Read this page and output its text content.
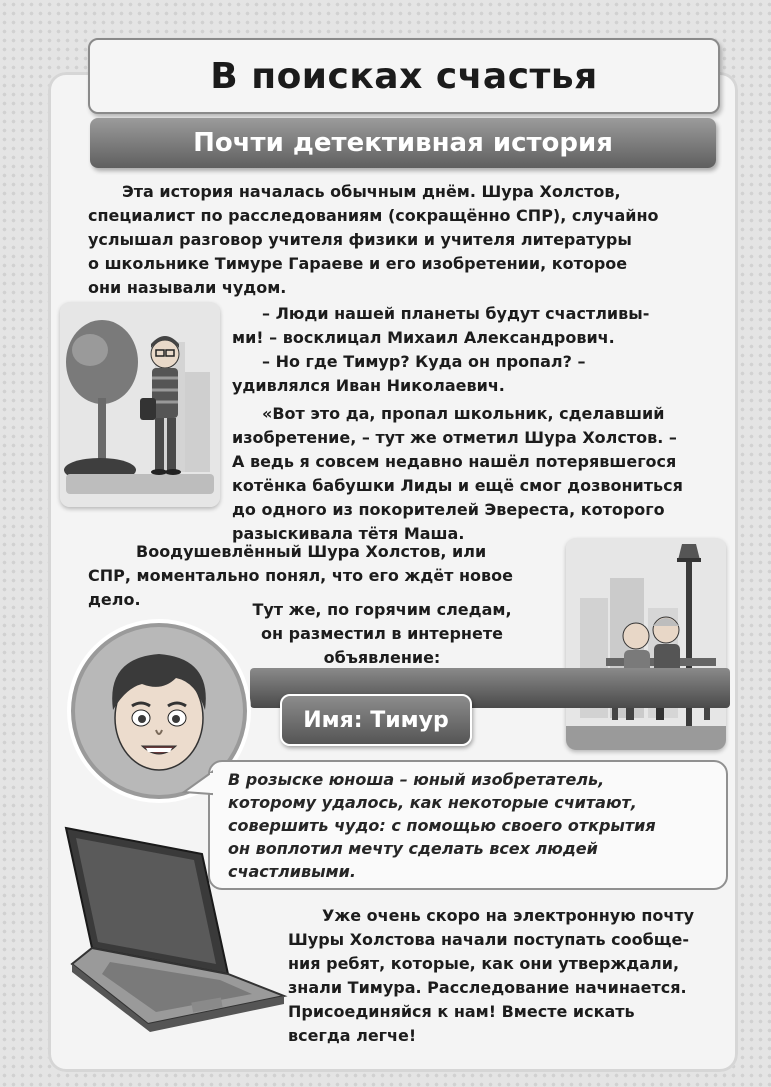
В поисках счастья
Почти детективная история
Эта история началась обычным днём. Шура Холстов,
специалист по расследованиям (сокращённо СПР), случайно
услышал разговор учителя физики и учителя литературы
о школьнике Тимуре Гараеве и его изобретении, которое
они называли чудом.
– Люди нашей планеты будут счастливы-
ми! – восклицал Михаил Александрович.
– Но где Тимур? Куда он пропал? –
удивлялся Иван Николаевич.
«Вот это да, пропал школьник, сделавший
изобретение, – тут же отметил Шура Холстов. –
А ведь я совсем недавно нашёл потерявшегося
котёнка бабушки Лиды и ещё смог дозвониться
до одного из покорителей Эвереста, которого
разыскивала тётя Маша.
Воодушевлённый Шура Холстов, или
СПР, моментально понял, что его ждёт новое
дело.
Тут же, по горячим следам,
он разместил в интернете
объявление:
Имя: Тимур

В розыске юноша – юный изобретатель,
которому удалось, как некоторые считают,
совершить чудо: с помощью своего открытия
он воплотил мечту сделать всех людей
счастливыми.

Уже очень скоро на электронную почту
Шуры Холстова начали поступать сообще-
ния ребят, которые, как они утверждали,
знали Тимура. Расследование начинается.
Присоединяйся к нам! Вместе искать
всегда легче!
